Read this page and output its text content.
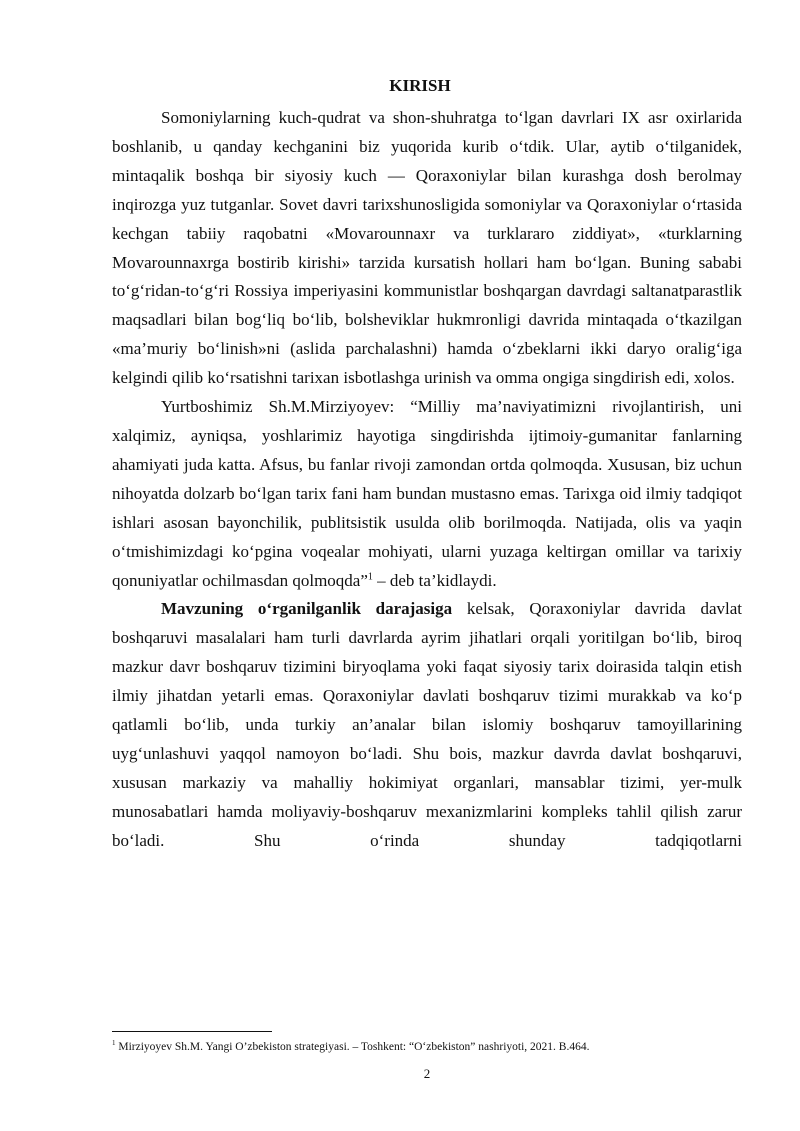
KIRISH

Somoniylarning kuch-qudrat va shon-shuhratga to‘lgan davrlari IX asr oxirlarida boshlanib, u qanday kechganini biz yuqorida kurib o‘tdik. Ular, aytib o‘tilganidek, mintaqalik boshqa bir siyosiy kuch — Qoraxoniylar bilan kurashga dosh berolmay inqirozga yuz tutganlar. Sovet davri tarixshunosligida somoniylar va Qoraxoniylar o‘rtasida kechgan tabiiy raqobatni «Movarounnaxr va turklararo ziddiyat», «turklarning Movarounnaxrga bostirib kirishi» tarzida kursatish hollari ham bo‘lgan. Buning sababi to‘g‘ridan-to‘g‘ri Rossiya imperiyasini kommunistlar boshqargan davrdagi saltanatparastlik maqsadlari bilan bog‘liq bo‘lib, bolsheviklar hukmronligi davrida mintaqada o‘tkazilgan «ma’muriy bo‘linish»ni (aslida parchalashni) hamda o‘zbeklarni ikki daryo oralig‘iga kelgindi qilib ko‘rsatishni tarixan isbotlashga urinish va omma ongiga singdirish edi, xolos.

Yurtboshimiz Sh.M.Mirziyoyev: “Milliy ma’naviyatimizni rivojlantirish, uni xalqimiz, ayniqsa, yoshlarimiz hayotiga singdirishda ijtimoiy-gumanitar fanlarning ahamiyati juda katta. Afsus, bu fanlar rivoji zamondan ortda qolmoqda. Xususan, biz uchun nihoyatda dolzarb bo‘lgan tarix fani ham bundan mustasno emas. Tarixga oid ilmiy tadqiqot ishlari asosan bayonchilik, publitsistik usulda olib borilmoqda. Natijada, olis va yaqin o‘tmishimizdagi ko‘pgina voqealar mohiyati, ularni yuzaga keltirgan omillar va tarixiy qonuniyatlar ochilmasdan qolmoqda”$^1$ – deb ta’kidlaydi.

Mavzuning o‘rganilganlik darajasiga kelsak, Qoraxoniylar davrida davlat boshqaruvi masalalari ham turli davrlarda ayrim jihatlari orqali yoritilgan bo‘lib, biroq mazkur davr boshqaruv tizimini biryoqlama yoki faqat siyosiy tarix doirasida talqin etish ilmiy jihatdan yetarli emas. Qoraxoniylar davlati boshqaruv tizimi murakkab va ko‘p qatlamli bo‘lib, unda turkiy an’analar bilan islomiy boshqaruv tamoyillarining uyg‘unlashuvi yaqqol namoyon bo‘ladi. Shu bois, mazkur davrda davlat boshqaruvi, xususan markaziy va mahalliy hokimiyat organlari, mansablar tizimi, yer-mulk munosabatlari hamda moliyaviy-boshqaruv mexanizmlarini kompleks tahlil qilish zarur bo‘ladi. Shu o‘rinda shunday tadqiqotlarni

$^1$ Mirziyoyev Sh.M. Yangi O’zbekiston strategiyasi. – Toshkent: “O‘zbekiston” nashriyoti, 2021. B.464.
2
